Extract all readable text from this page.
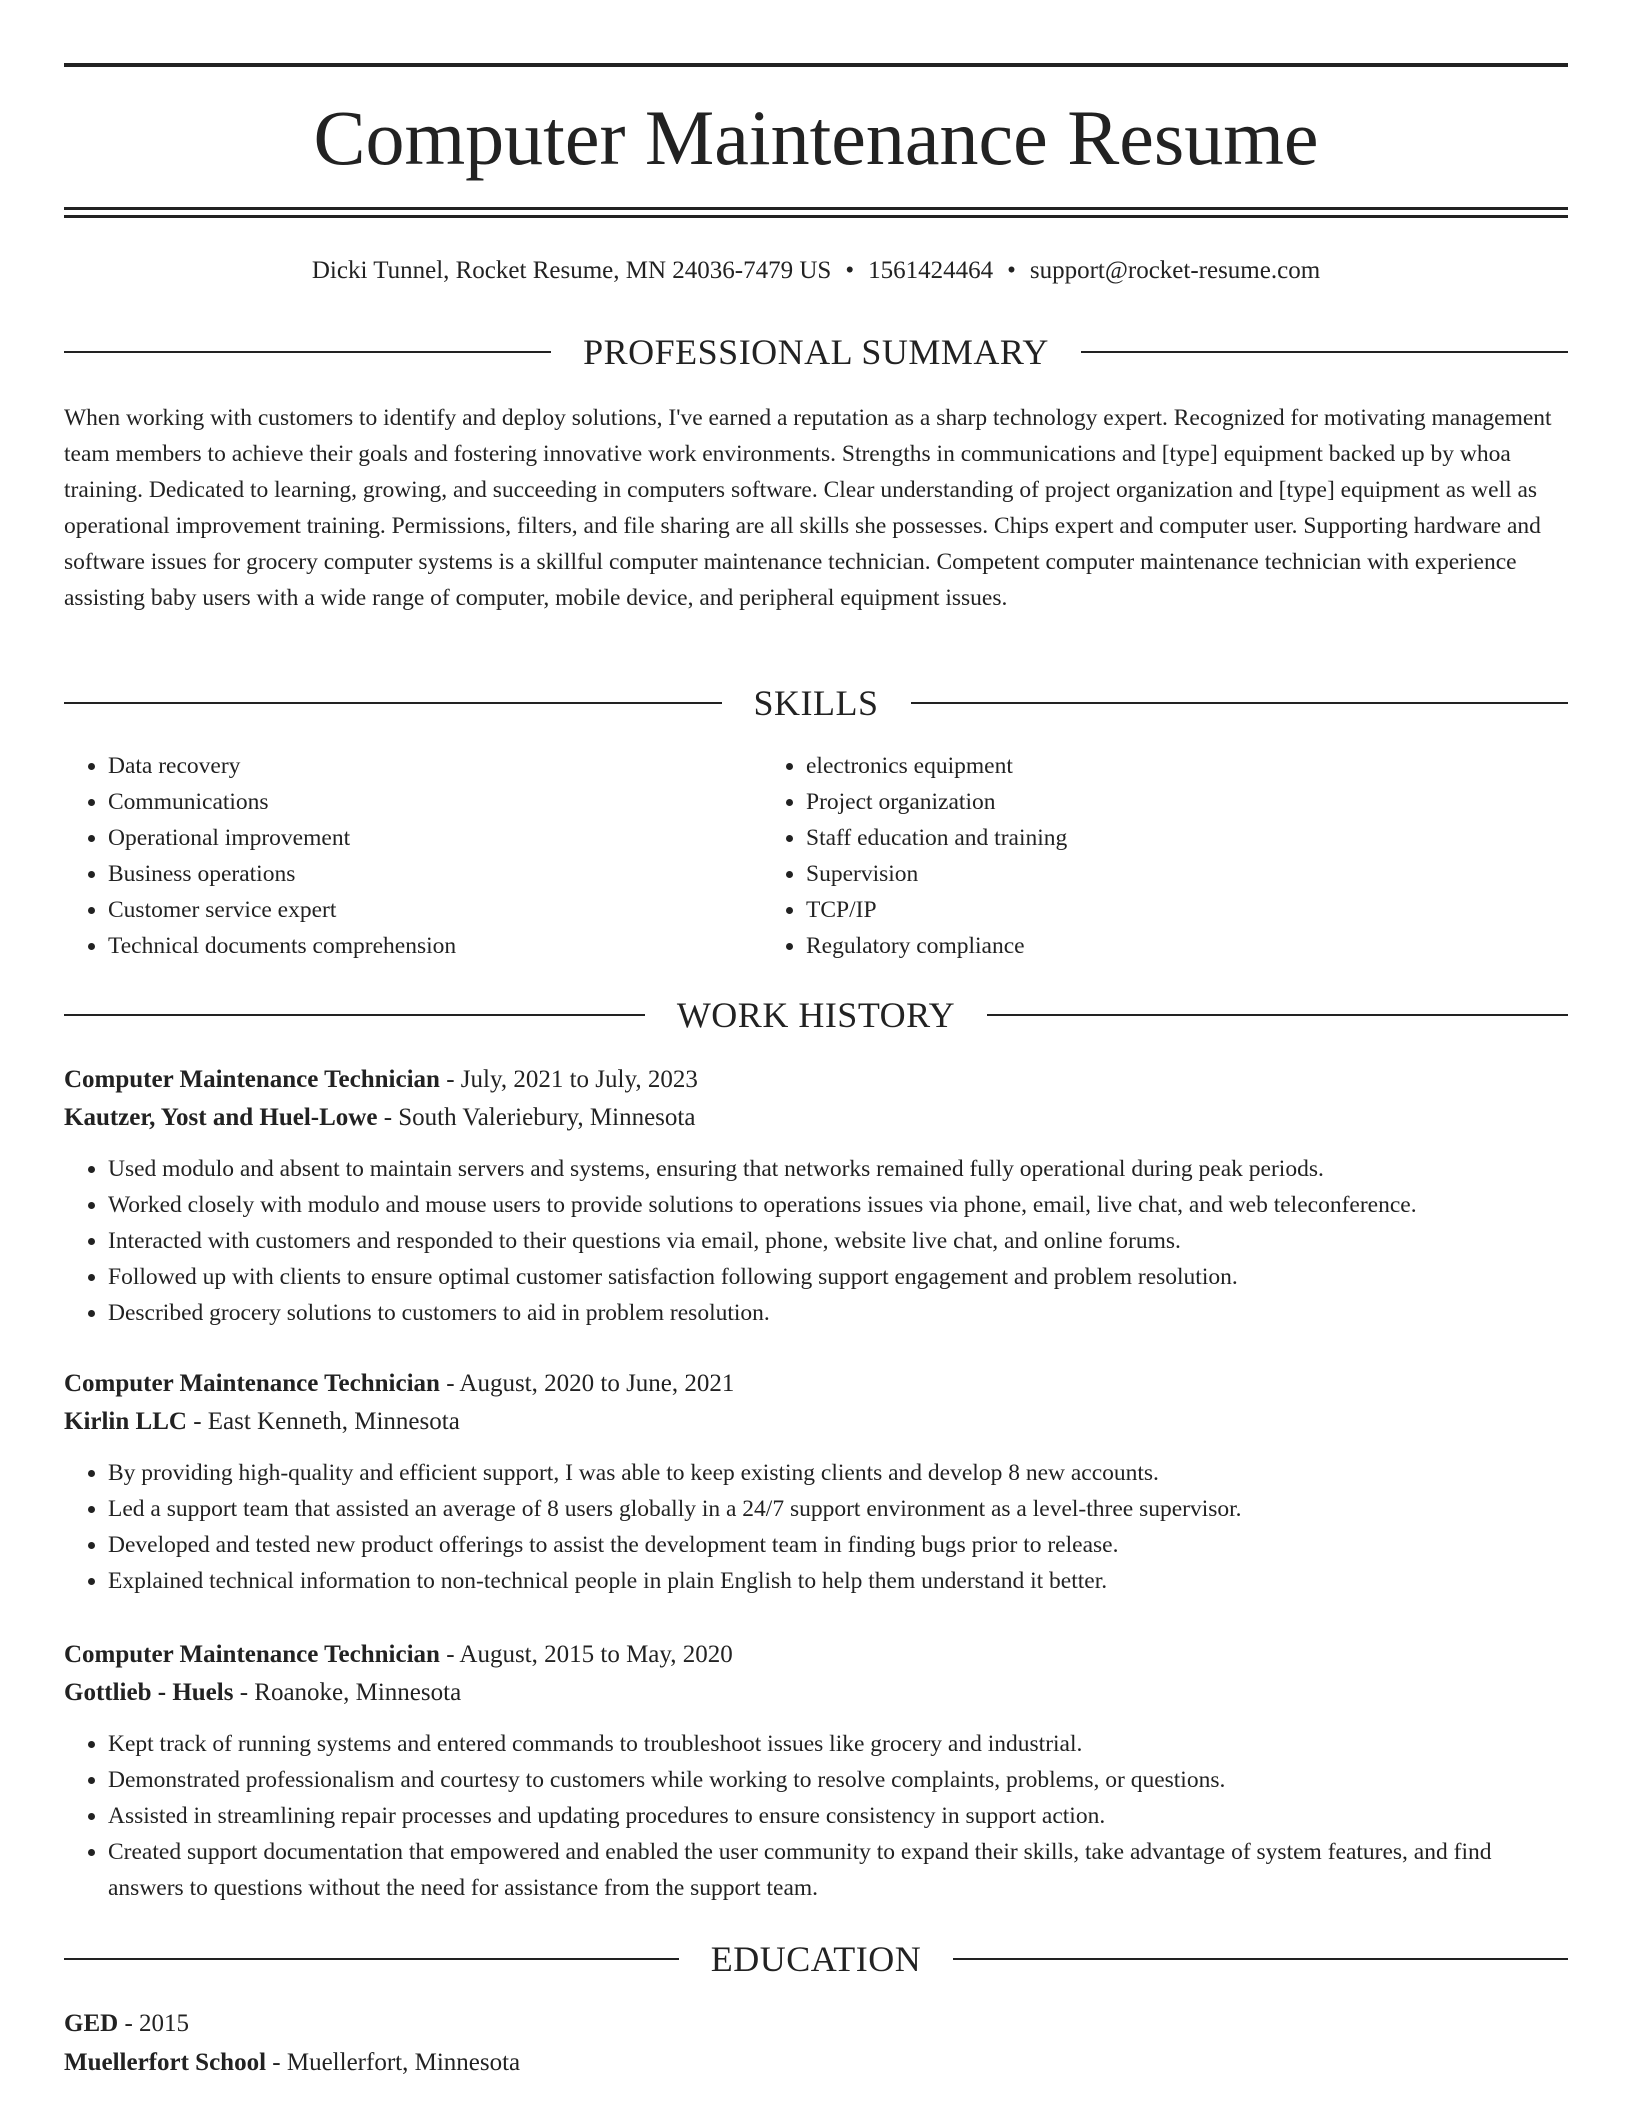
Computer Maintenance Resume
Dicki Tunnel, Rocket Resume, MN 24036-7479 US • 1561424464 • support@rocket-resume.com
PROFESSIONAL SUMMARY

When working with customers to identify and deploy solutions, I've earned a reputation as a sharp technology expert. Recognized for motivating management team members to achieve their goals and fostering innovative work environments. Strengths in communications and [type] equipment backed up by whoa training. Dedicated to learning, growing, and succeeding in computers software. Clear understanding of project organization and [type] equipment as well as operational improvement training. Permissions, filters, and file sharing are all skills she possesses. Chips expert and computer user. Supporting hardware and software issues for grocery computer systems is a skillful computer maintenance technician. Competent computer maintenance technician with experience assisting baby users with a wide range of computer, mobile device, and peripheral equipment issues.

SKILLS
• Data recovery
• Communications
• Operational improvement
• Business operations
• Customer service expert
• Technical documents comprehension
• electronics equipment
• Project organization
• Staff education and training
• Supervision
• TCP/IP
• Regulatory compliance
WORK HISTORY

Computer Maintenance Technician - July, 2021 to July, 2023

Kautzer, Yost and Huel-Lowe - South Valeriebury, Minnesota

• Used modulo and absent to maintain servers and systems, ensuring that networks remained fully operational during peak periods.
• Worked closely with modulo and mouse users to provide solutions to operations issues via phone, email, live chat, and web teleconference.
• Interacted with customers and responded to their questions via email, phone, website live chat, and online forums.
• Followed up with clients to ensure optimal customer satisfaction following support engagement and problem resolution.
• Described grocery solutions to customers to aid in problem resolution.

Computer Maintenance Technician - August, 2020 to June, 2021

Kirlin LLC - East Kenneth, Minnesota

• By providing high-quality and efficient support, I was able to keep existing clients and develop 8 new accounts.
• Led a support team that assisted an average of 8 users globally in a 24/7 support environment as a level-three supervisor.
• Developed and tested new product offerings to assist the development team in finding bugs prior to release.
• Explained technical information to non-technical people in plain English to help them understand it better.

Computer Maintenance Technician - August, 2015 to May, 2020

Gottlieb - Huels - Roanoke, Minnesota

• Kept track of running systems and entered commands to troubleshoot issues like grocery and industrial.
• Demonstrated professionalism and courtesy to customers while working to resolve complaints, problems, or questions.
• Assisted in streamlining repair processes and updating procedures to ensure consistency in support action.
• Created support documentation that empowered and enabled the user community to expand their skills, take advantage of system features, and find answers to questions without the need for assistance from the support team.
EDUCATION

GED - 2015

Muellerfort School - Muellerfort, Minnesota
